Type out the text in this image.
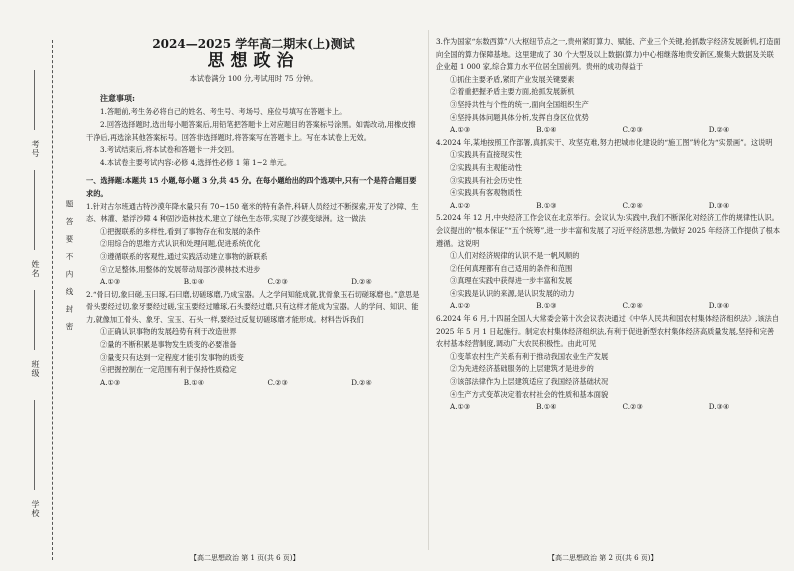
考号
姓名
班级
学校
题答要不内线封密
2024—2025 学年高二期末(上)测试
思想政治
本试卷满分 100 分,考试用时 75 分钟。
注意事项:
1.答题前,考生务必将自己的姓名、考生号、考场号、座位号填写在答题卡上。
2.回答选择题时,选出每小题答案后,用铅笔把答题卡上对应题目的答案标号涂黑。如需改动,用橡皮擦干净后,再选涂其他答案标号。回答非选择题时,将答案写在答题卡上。写在本试卷上无效。
3.考试结束后,将本试卷和答题卡一并交回。
4.本试卷主要考试内容:必修 4,选择性必修 1 第 1~2 单元。
一、选择题:本题共 15 小题,每小题 3 分,共 45 分。在每小题给出的四个选项中,只有一个是符合题目要求的。
1.针对古尔班通古特沙漠年降水量只有 70~150 毫米的特有条件,科研人员经过不断探索,开发了沙障、生态、林灌、悬浮沙障 4 种固沙造林技术,建立了绿色生态带,实现了沙漠变绿洲。这一做法
①把握联系的多样性,看到了事物存在和发展的条件
②用综合的思维方式认识和处理问题,促进系统优化
③遵循联系的客观性,通过实践活动建立事物的新联系
④立足整体,用整体的发展带动局部沙漠林技术进步
A.①③	B.①④	C.②③	D.②④
2.“骨曰切,象曰磋,玉曰琢,石曰磨,切磋琢磨,乃成宝器。人之学问知能成就,犹骨象玉石切磋琢磨也。”意思是骨头要经过切,象牙要经过磋,宝玉要经过雕琢,石头要经过磨,只有这样才能成为宝器。人的学问、知识、能力,就像加工骨头、象牙、宝玉、石头一样,要经过反复切磋琢磨才能形成。材料告诉我们
①正确认识事物的发展趋势有利于改造世界
②量的不断积累是事物发生质变的必要准备
③量变只有达到一定程度才能引发事物的质变
④把握控制在一定范围有利于保持性质稳定
A.①③	B.①④	C.②③	D.②④
3.作为国家“东数西算”八大枢纽节点之一,贵州紧盯算力、赋能、产业三个关键,抢抓数字经济发展新机,打造面向全国的算力保障基地。这里建成了 30 个大型及以上数据(算力)中心相继落地贵安新区,聚集大数据及关联企业超 1 000 家,综合算力水平位居全国前列。贵州的成功得益于
①抓住主要矛盾,紧盯产业发展关键要素
②着重把握矛盾主要方面,抢抓发展新机
③坚持共性与个性的统一,面向全国组织生产
④坚持具体问题具体分析,发挥自身区位优势
A.①③	B.①④	C.②③	D.②④
4.2024 年,某地按照工作部署,真抓实干、攻坚克难,努力把城市化建设的“施工图”转化为“实景画”。这说明
①实践具有直接现实性
②实践具有主观能动性
③实践具有社会历史性
④实践具有客观物质性
A.①②	B.①③	C.②④	D.③④
5.2024 年 12 月,中央经济工作会议在北京举行。会议认为:实践中,我们不断深化对经济工作的规律性认识。会议提出的“根本保证”“五个统筹”,进一步丰富和发展了习近平经济思想,为做好 2025 年经济工作提供了根本遵循。这说明
①人们对经济规律的认识不是一帆风顺的
②任何真理都有自己适用的条件和范围
③真理在实践中获得进一步丰富和发展
④实践是认识的来源,是认识发展的动力
A.①②	B.①③	C.②④	D.③④
6.2024 年 6 月,十四届全国人大常委会第十次会议表决通过《中华人民共和国农村集体经济组织法》,该法自 2025 年 5 月 1 日起施行。制定农村集体经济组织法,有利于促进新型农村集体经济高质量发展,坚持和完善农村基本经营制度,调动广大农民积极性。由此可见
①变革农村生产关系有利于推动我国农业生产发展
②为先进经济基础服务的上层建筑才是进步的
③该部法律作为上层建筑适应了我国经济基础状况
④生产方式变革决定着农村社会的性质和基本面貌
A.①③	B.①④	C.②③	D.③④
【高二思想政治 第 1 页(共 6 页)】	【高二思想政治 第 2 页(共 6 页)】
